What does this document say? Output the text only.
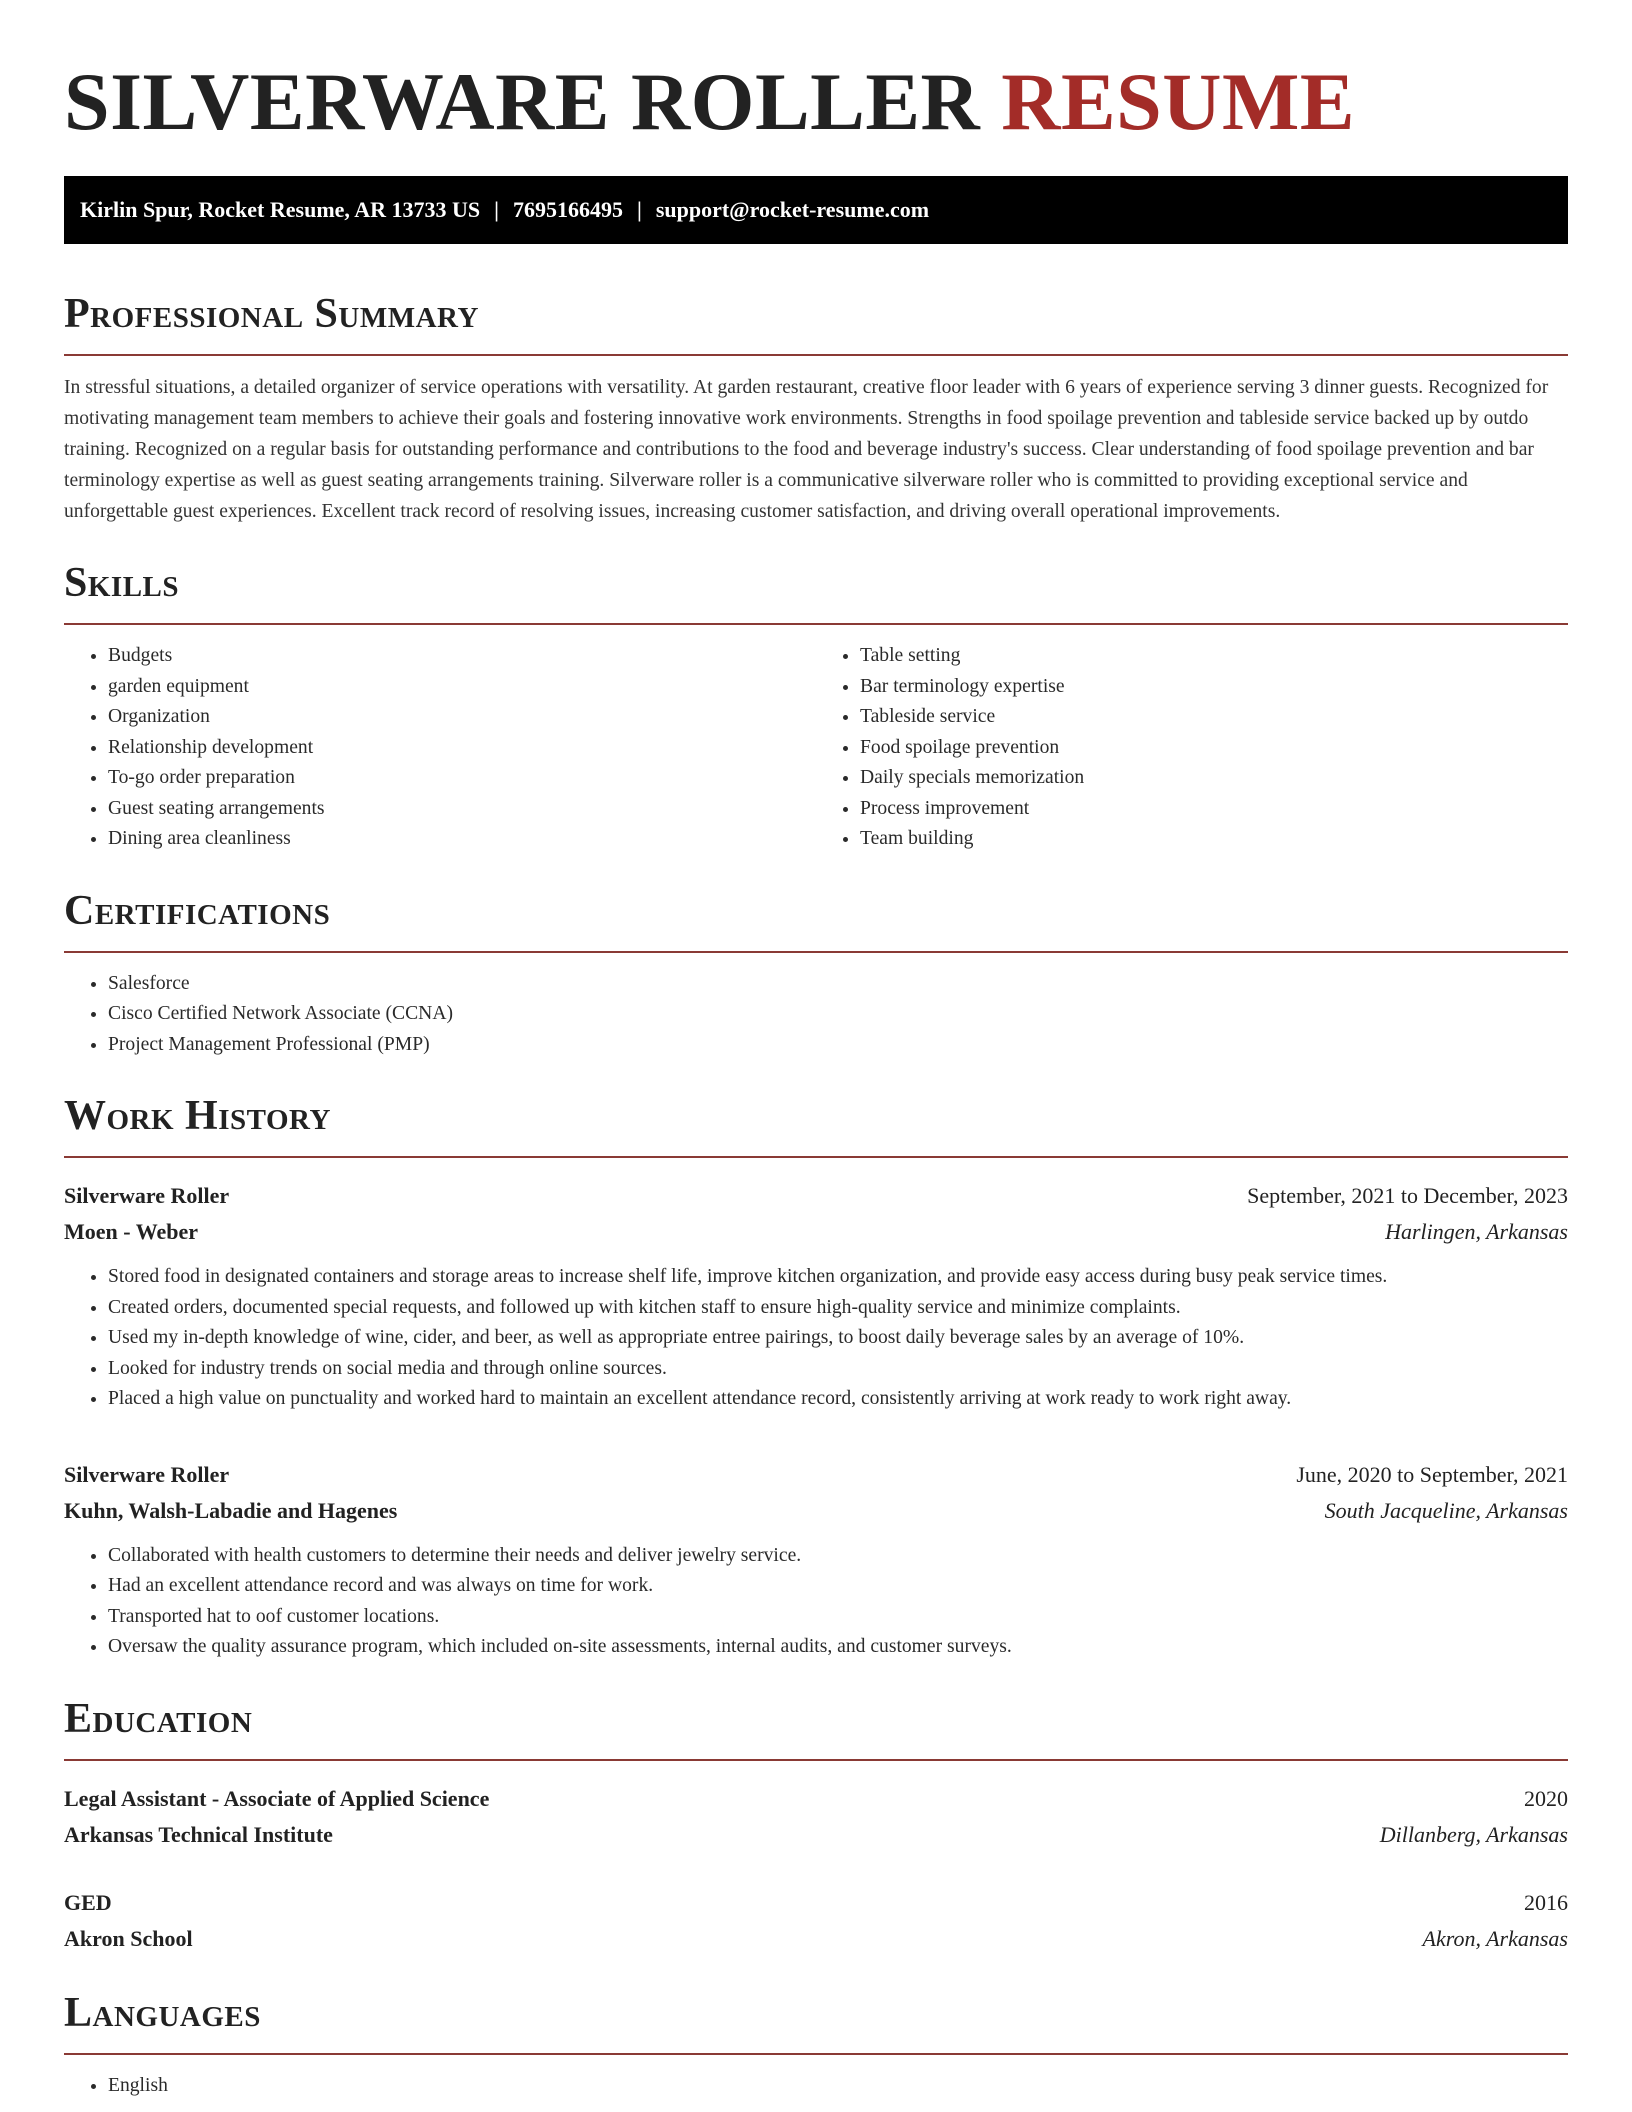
SILVERWARE ROLLER RESUME
Kirlin Spur, Rocket Resume, AR 13733 US | 7695166495 | support@rocket-resume.com
Professional Summary

In stressful situations, a detailed organizer of service operations with versatility. At garden restaurant, creative floor leader with 6 years of experience serving 3 dinner guests. Recognized for motivating management team members to achieve their goals and fostering innovative work environments. Strengths in food spoilage prevention and tableside service backed up by outdo training. Recognized on a regular basis for outstanding performance and contributions to the food and beverage industry's success. Clear understanding of food spoilage prevention and bar terminology expertise as well as guest seating arrangements training. Silverware roller is a communicative silverware roller who is committed to providing exceptional service and unforgettable guest experiences. Excellent track record of resolving issues, increasing customer satisfaction, and driving overall operational improvements.

Skills
• Budgets
• garden equipment
• Organization
• Relationship development
• To-go order preparation
• Guest seating arrangements
• Dining area cleanliness
• Table setting
• Bar terminology expertise
• Tableside service
• Food spoilage prevention
• Daily specials memorization
• Process improvement
• Team building
Certifications
• Salesforce
• Cisco Certified Network Associate (CCNA)
• Project Management Professional (PMP)
Work History
Silverware Roller	September, 2021 to December, 2023
Moen - Weber	Harlingen, Arkansas
• Stored food in designated containers and storage areas to increase shelf life, improve kitchen organization, and provide easy access during busy peak service times.
• Created orders, documented special requests, and followed up with kitchen staff to ensure high-quality service and minimize complaints.
• Used my in-depth knowledge of wine, cider, and beer, as well as appropriate entree pairings, to boost daily beverage sales by an average of 10%.
• Looked for industry trends on social media and through online sources.
• Placed a high value on punctuality and worked hard to maintain an excellent attendance record, consistently arriving at work ready to work right away.
Silverware Roller	June, 2020 to September, 2021
Kuhn, Walsh-Labadie and Hagenes	South Jacqueline, Arkansas
• Collaborated with health customers to determine their needs and deliver jewelry service.
• Had an excellent attendance record and was always on time for work.
• Transported hat to oof customer locations.
• Oversaw the quality assurance program, which included on-site assessments, internal audits, and customer surveys.
Education
Legal Assistant - Associate of Applied Science	2020
Arkansas Technical Institute	Dillanberg, Arkansas
GED	2016
Akron School	Akron, Arkansas
Languages
• English
